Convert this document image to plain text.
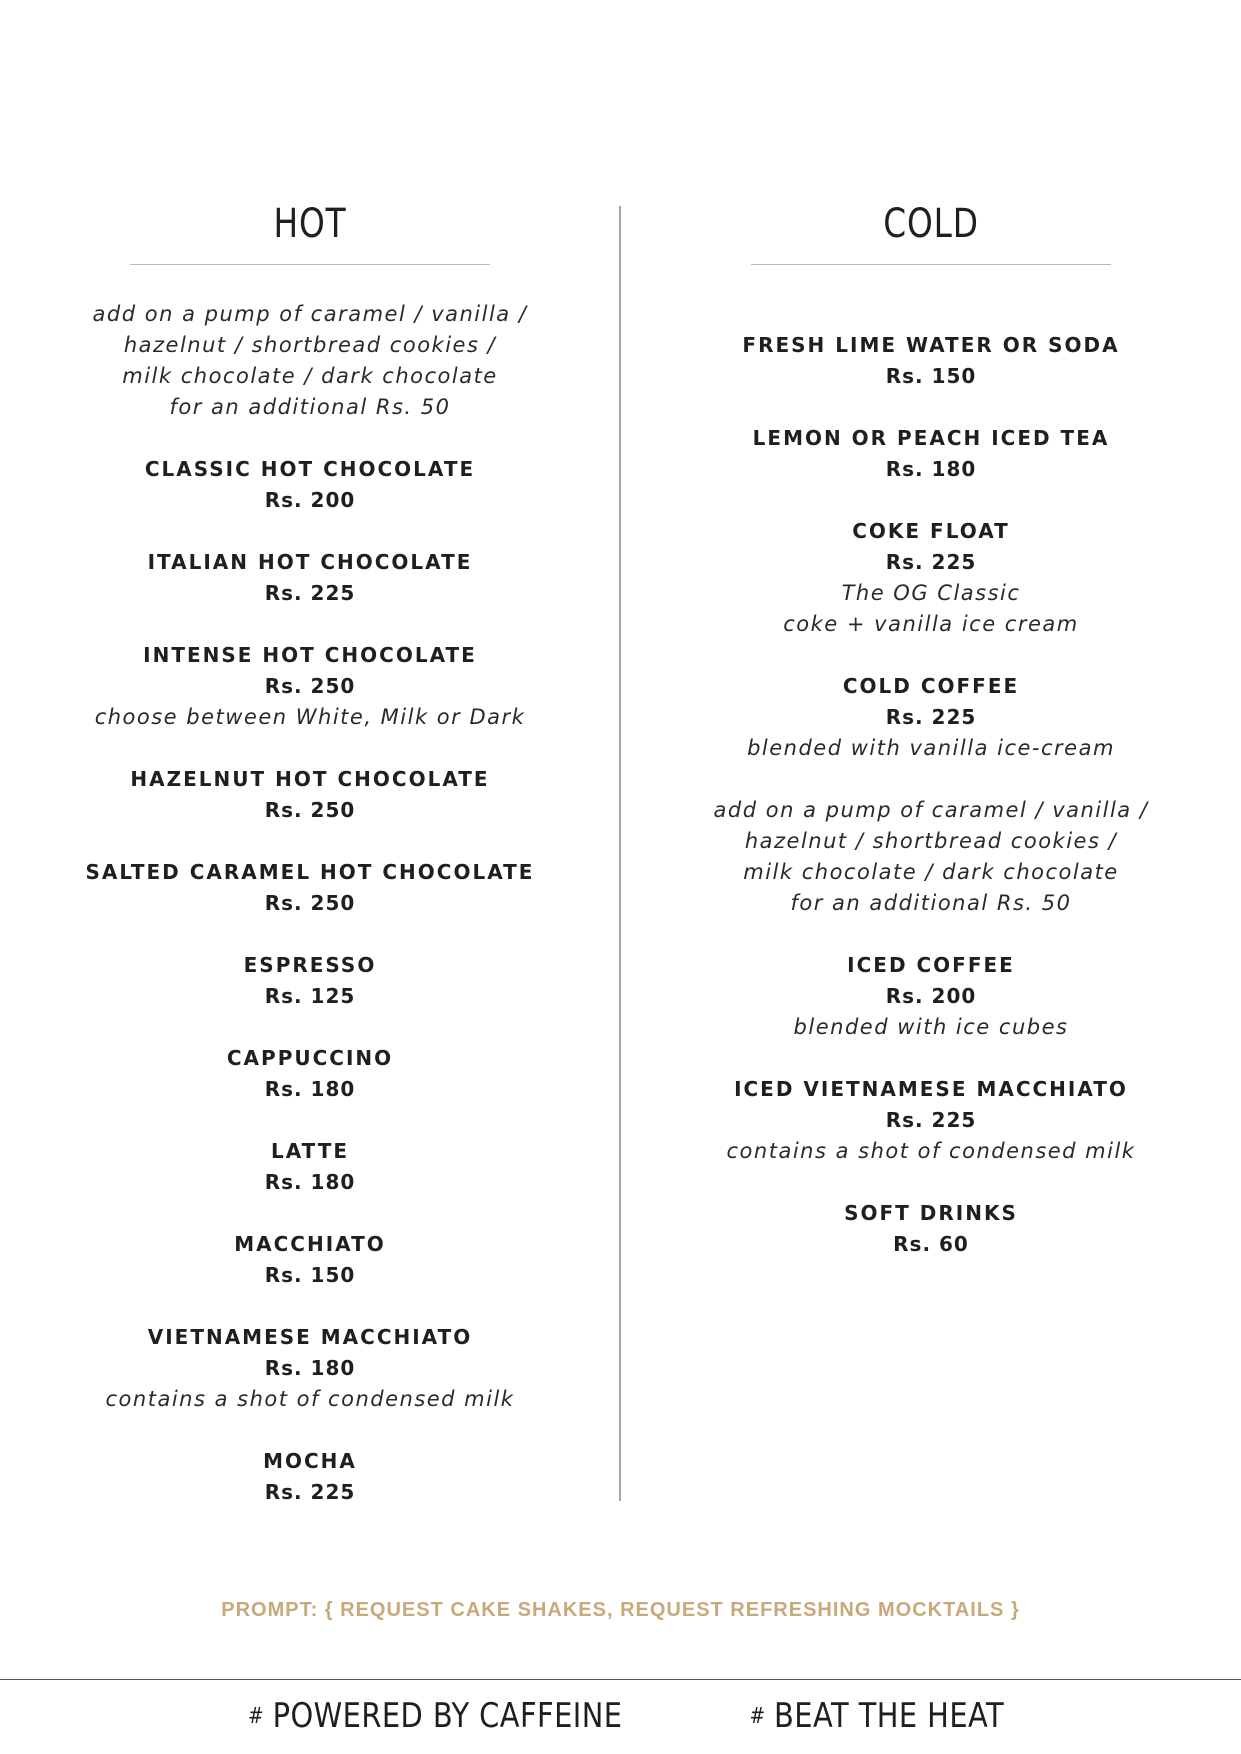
HOT
add on a pump of caramel / vanilla /
hazelnut / shortbread cookies /
milk chocolate / dark chocolate
for an additional Rs. 50
CLASSIC HOT CHOCOLATE
Rs. 200
ITALIAN HOT CHOCOLATE
Rs. 225
INTENSE HOT CHOCOLATE
Rs. 250
choose between White, Milk or Dark
HAZELNUT HOT CHOCOLATE
Rs. 250
SALTED CARAMEL HOT CHOCOLATE
Rs. 250
ESPRESSO
Rs. 125
CAPPUCCINO
Rs. 180
LATTE
Rs. 180
MACCHIATO
Rs. 150
VIETNAMESE MACCHIATO
Rs. 180
contains a shot of condensed milk
MOCHA
Rs. 225
COLD
FRESH LIME WATER OR SODA
Rs. 150
LEMON OR PEACH ICED TEA
Rs. 180
COKE FLOAT
Rs. 225
The OG Classic
coke + vanilla ice cream
COLD COFFEE
Rs. 225
blended with vanilla ice-cream
add on a pump of caramel / vanilla /
hazelnut / shortbread cookies /
milk chocolate / dark chocolate
for an additional Rs. 50
ICED COFFEE
Rs. 200
blended with ice cubes
ICED VIETNAMESE MACCHIATO
Rs. 225
contains a shot of condensed milk
SOFT DRINKS
Rs. 60
PROMPT: { REQUEST CAKE SHAKES, REQUEST REFRESHING MOCKTAILS }
# POWERED BY CAFFEINE	# BEAT THE HEAT
